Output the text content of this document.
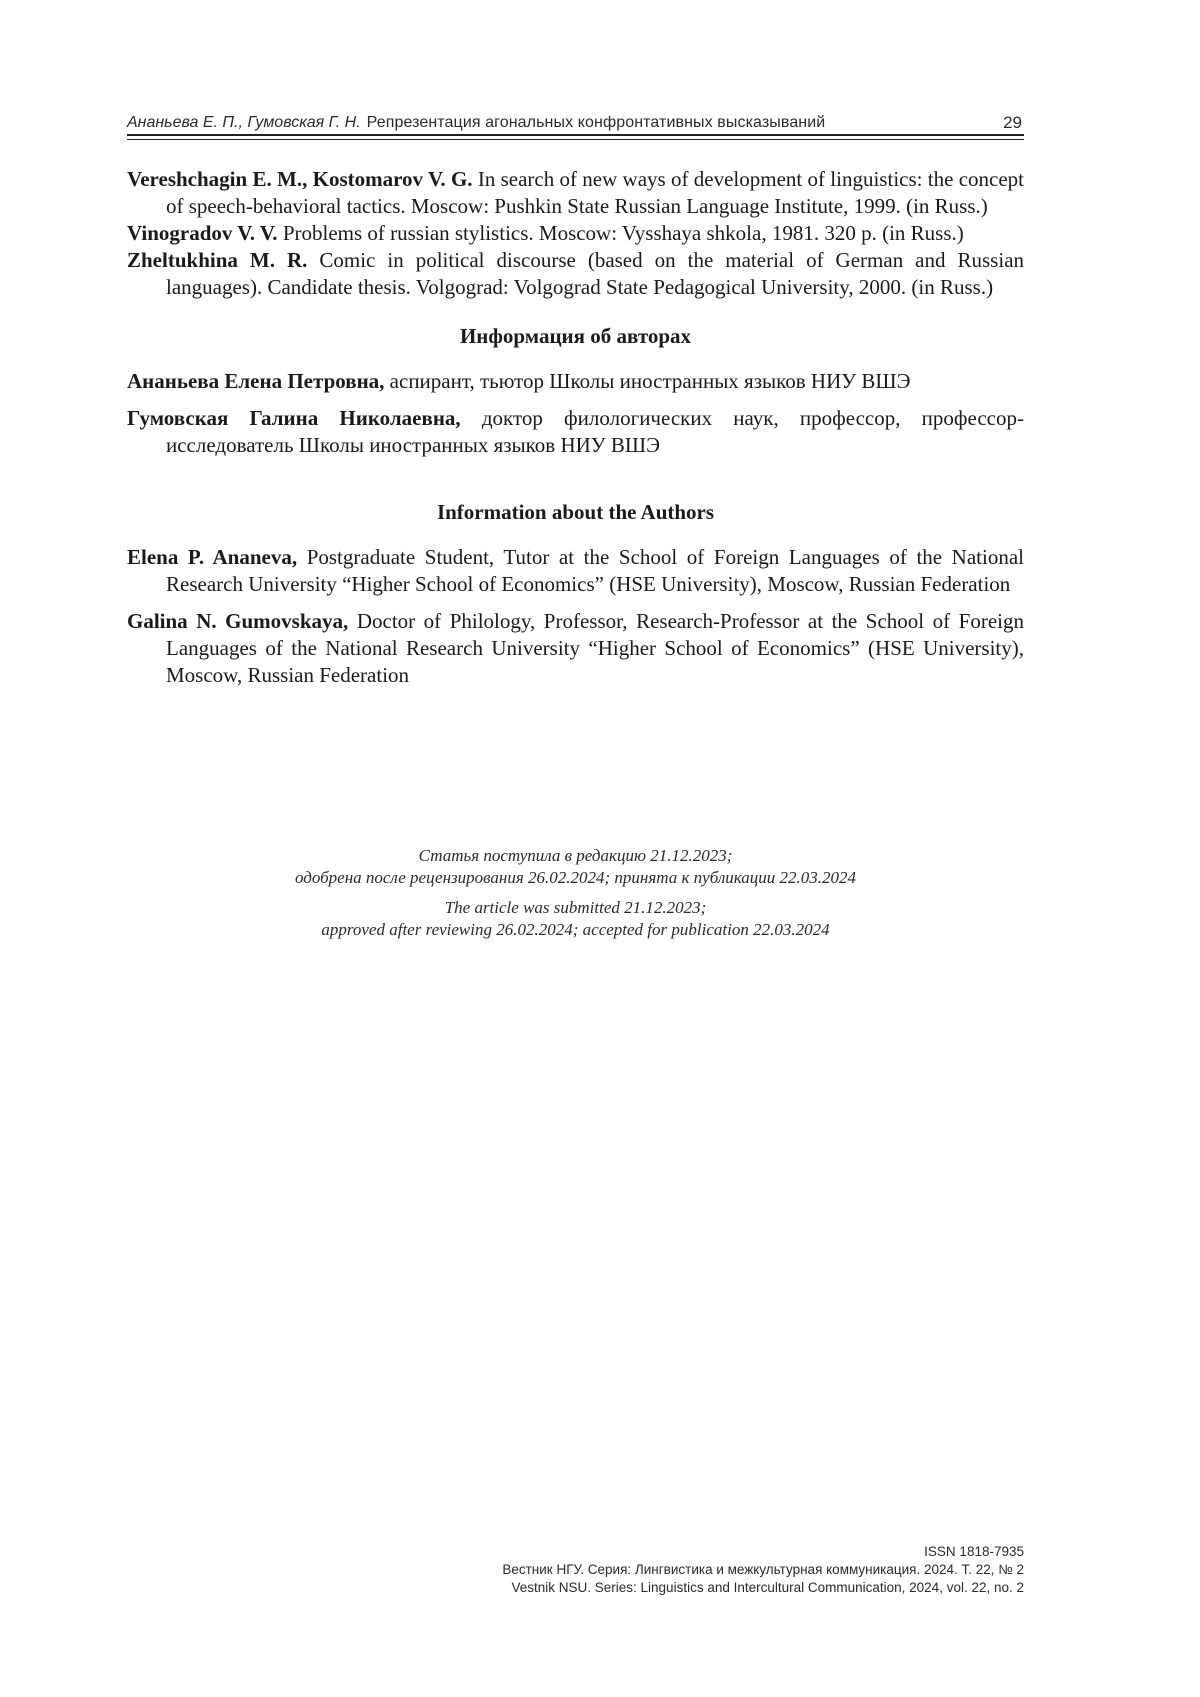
Ананьева Е. П., Гумовская Г. Н. Репрезентация агональных конфронтативных высказываний	29

Vereshchagin E. M., Kostomarov V. G. In search of new ways of development of linguistics: the concept of speech-behavioral tactics. Moscow: Pushkin State Russian Language Institute, 1999. (in Russ.)

Vinogradov V. V. Problems of russian stylistics. Moscow: Vysshaya shkola, 1981. 320 p. (in Russ.)

Zheltukhina M. R. Comic in political discourse (based on the material of German and Russian languages). Candidate thesis. Volgograd: Volgograd State Pedagogical University, 2000. (in Russ.)

Информация об авторах

Ананьева Елена Петровна, аспирант, тьютор Школы иностранных языков НИУ ВШЭ

Гумовская Галина Николаевна, доктор филологических наук, профессор, профессор-исследователь Школы иностранных языков НИУ ВШЭ

Information about the Authors

Elena P. Ananeva, Postgraduate Student, Tutor at the School of Foreign Languages of the National Research University “Higher School of Economics” (HSE University), Moscow, Russian Federation

Galina N. Gumovskaya, Doctor of Philology, Professor, Research-Professor at the School of Foreign Languages of the National Research University “Higher School of Economics” (HSE University), Moscow, Russian Federation

Статья поступила в редакцию 21.12.2023;

одобрена после рецензирования 26.02.2024; принята к публикации 22.03.2024

The article was submitted 21.12.2023;

approved after reviewing 26.02.2024; accepted for publication 22.03.2024

ISSN 1818-7935
Вестник НГУ. Серия: Лингвистика и межкультурная коммуникация. 2024. Т. 22, № 2
Vestnik NSU. Series: Linguistics and Intercultural Communication, 2024, vol. 22, no. 2
